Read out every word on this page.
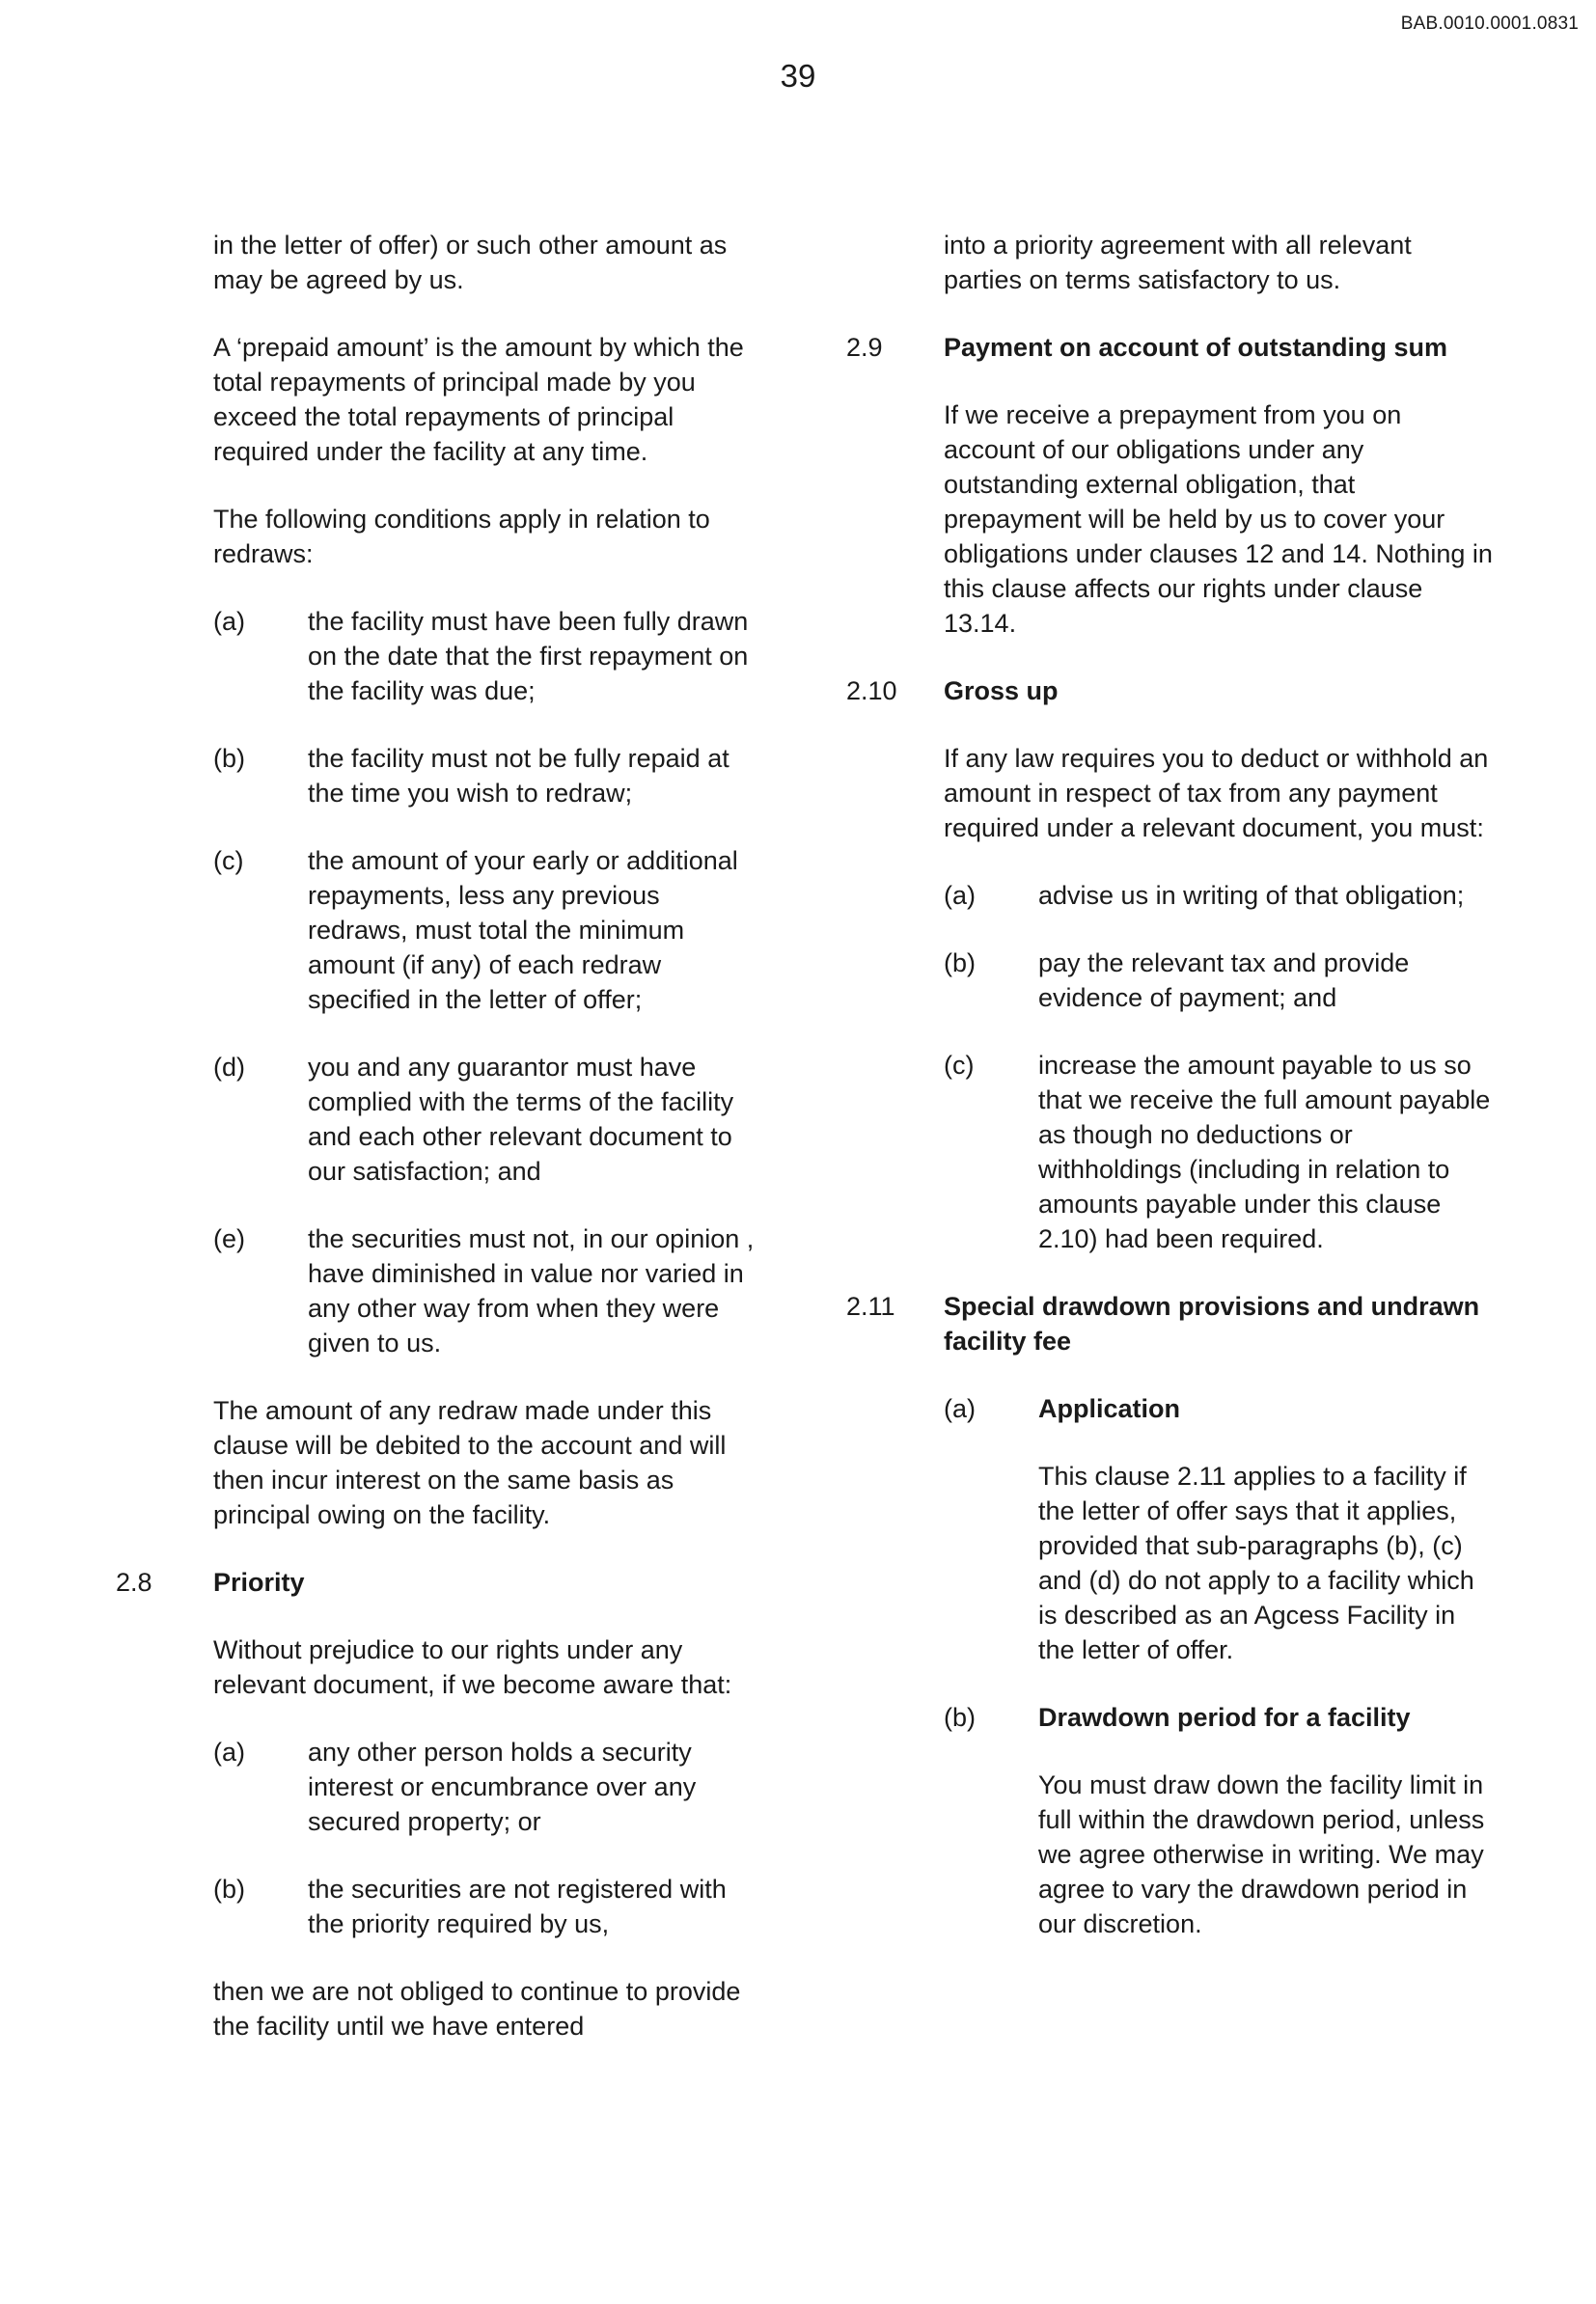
BAB.0010.0001.0831
39

in the letter of offer) or such other amount as may be agreed by us.

A ‘prepaid amount’ is the amount by which the total repayments of principal made by you exceed the total repayments of principal required under the facility at any time.

The following conditions apply in relation to redraws:

(a)	the facility must have been fully drawn on the date that the first repayment on the facility was due;
(b)	the facility must not be fully repaid at the time you wish to redraw;
(c)	the amount of your early or additional repayments, less any previous redraws, must total the minimum amount (if any) of each redraw specified in the letter of offer;
(d)	you and any guarantor must have complied with the terms of the facility and each other relevant document to our satisfaction; and
(e)	the securities must not, in our opinion , have diminished in value nor varied in any other way from when they were given to us.

The amount of any redraw made under this clause will be debited to the account and will then incur interest on the same basis as principal owing on the facility.

2.8	Priority

Without prejudice to our rights under any relevant document, if we become aware that:

(a)	any other person holds a security interest or encumbrance over any secured property; or
(b)	the securities are not registered with the priority required by us,

then we are not obliged to continue to provide the facility until we have entered

into a priority agreement with all relevant parties on terms satisfactory to us.

2.9	Payment on account of outstanding sum

If we receive a prepayment from you on account of our obligations under any outstanding external obligation, that prepayment will be held by us to cover your obligations under clauses 12 and 14. Nothing in this clause affects our rights under clause 13.14.

2.10	Gross up

If any law requires you to deduct or withhold an amount in respect of tax from any payment required under a relevant document, you must:

(a)	advise us in writing of that obligation;
(b)	pay the relevant tax and provide evidence of payment; and
(c)	increase the amount payable to us so that we receive the full amount payable as though no deductions or withholdings (including in relation to amounts payable under this clause 2.10) had been required.
2.11	Special drawdown provisions and undrawn facility fee
(a)	Application

This clause 2.11 applies to a facility if the letter of offer says that it applies, provided that sub-paragraphs (b), (c) and (d) do not apply to a facility which is described as an Agcess Facility in the letter of offer.

(b)	Drawdown period for a facility

You must draw down the facility limit in full within the drawdown period, unless we agree otherwise in writing. We may agree to vary the drawdown period in our discretion.
